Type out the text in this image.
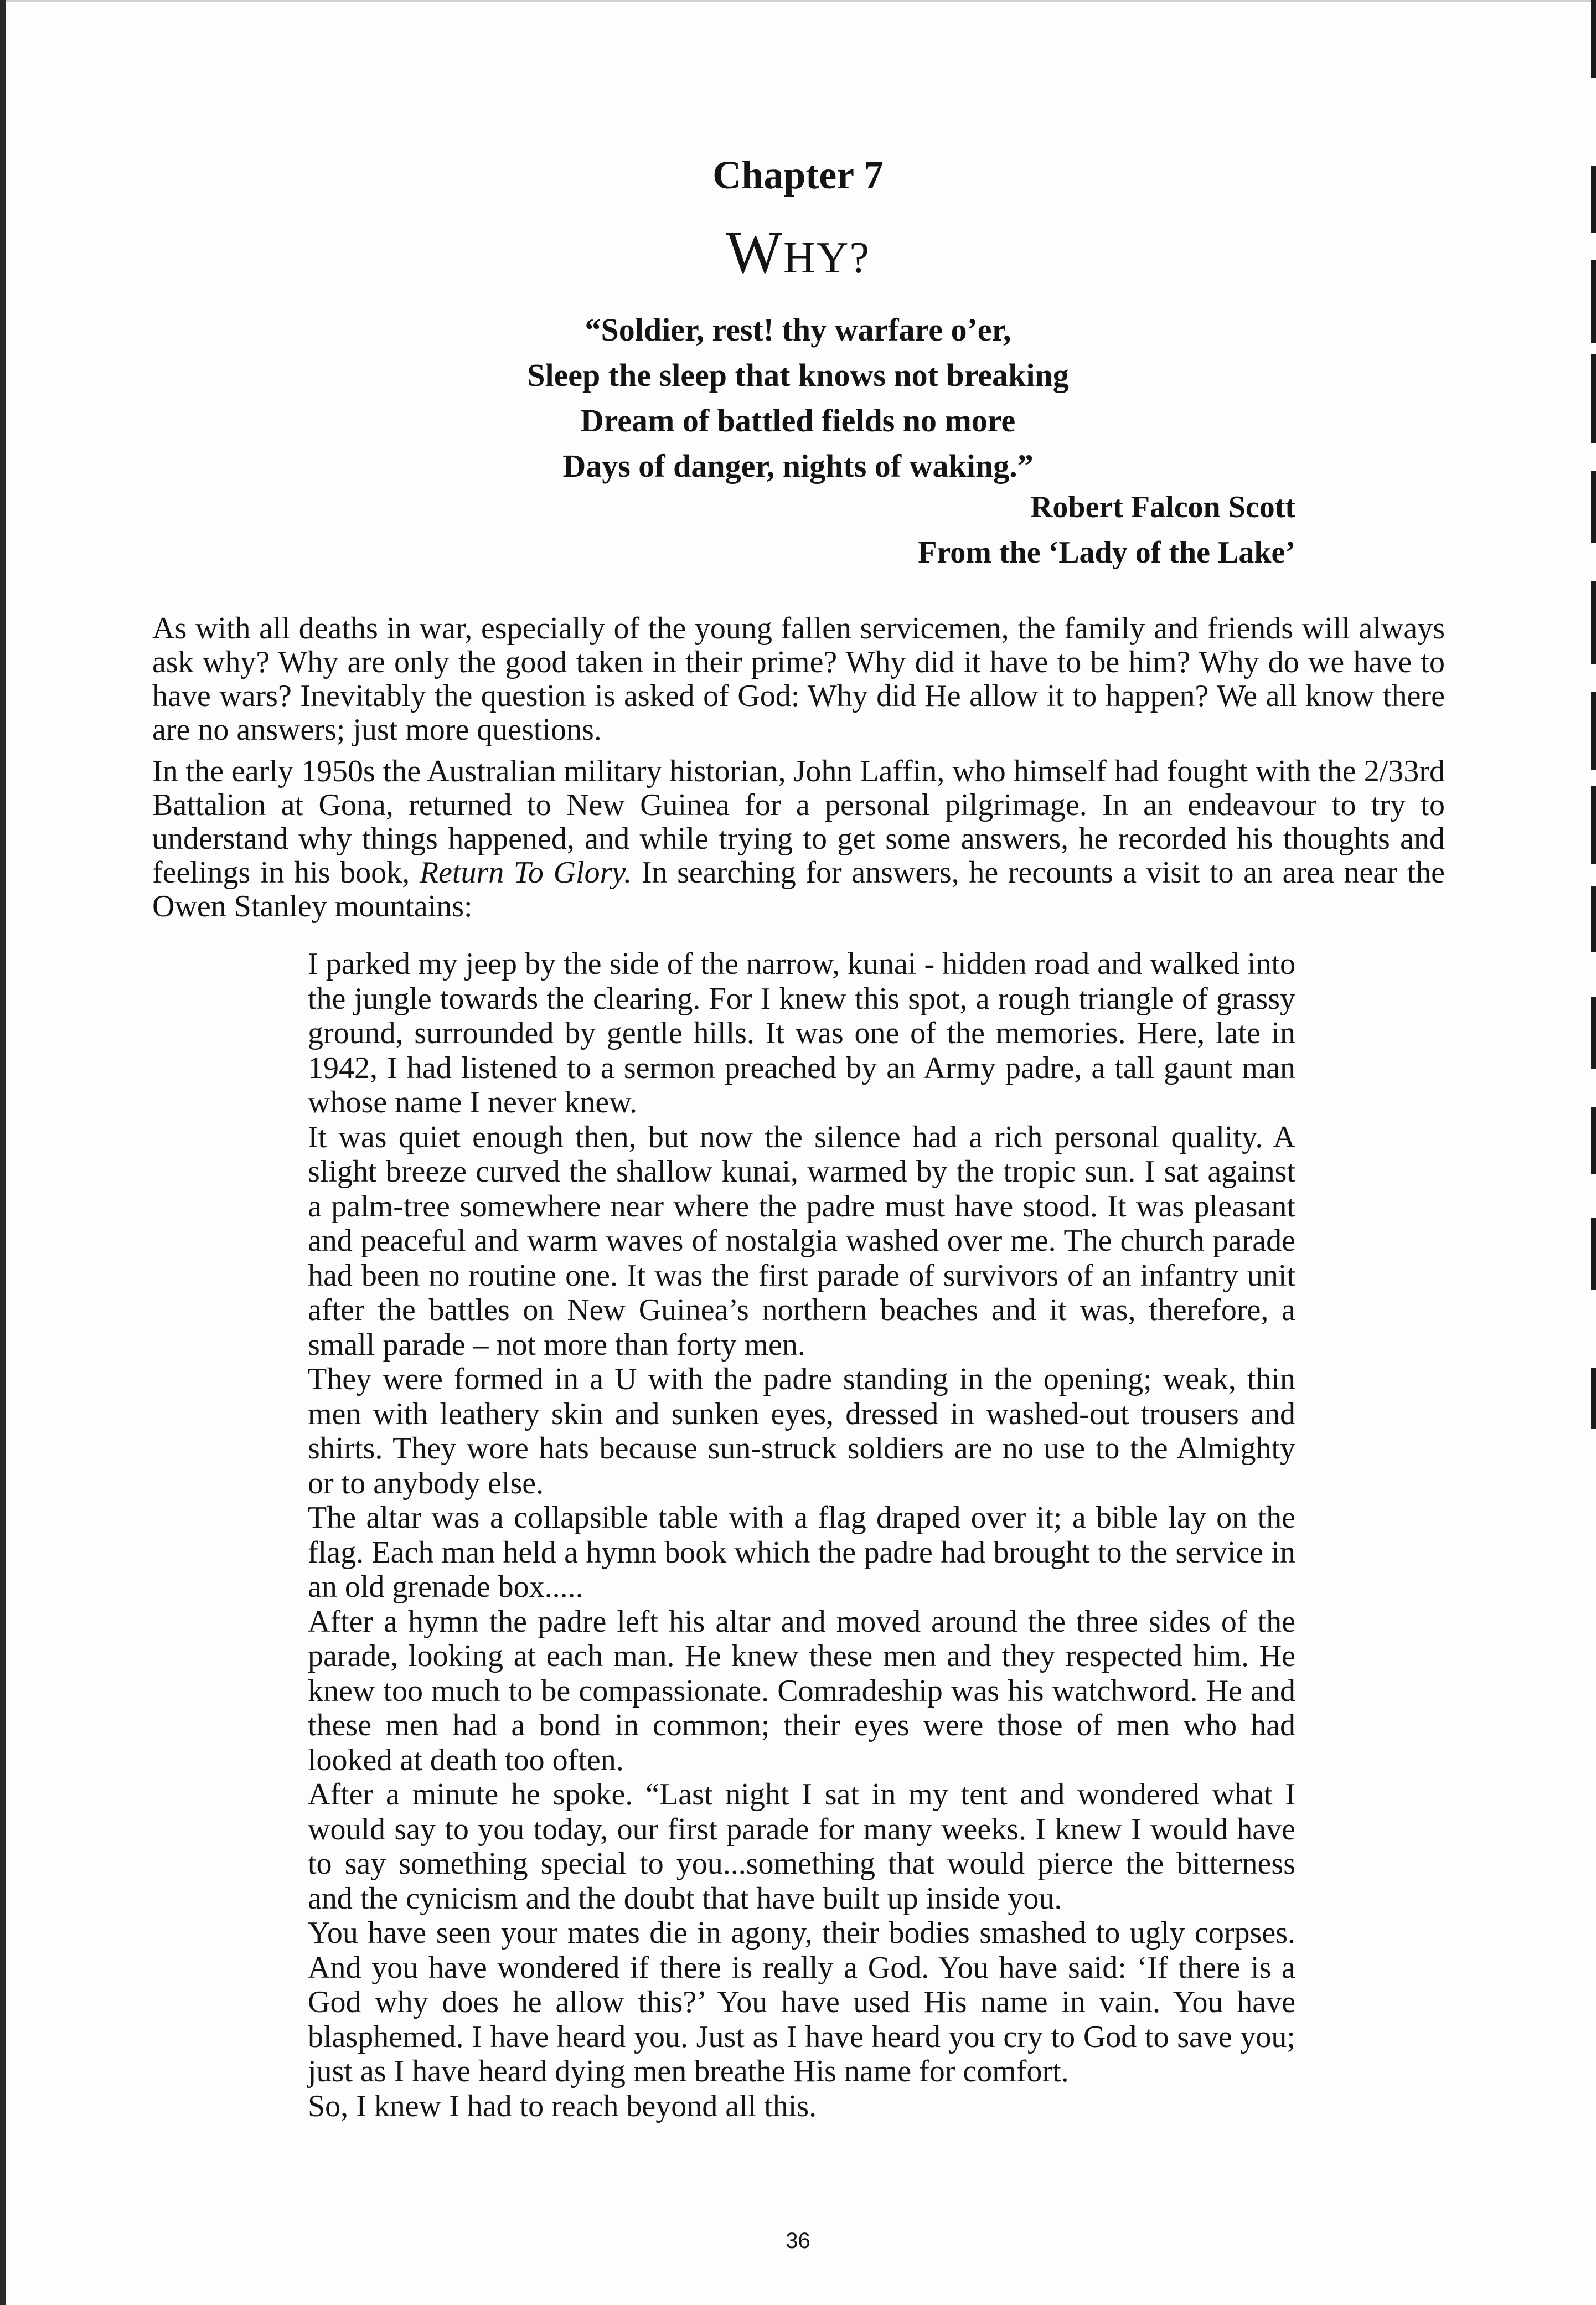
Chapter 7
WHY?
“Soldier, rest! thy warfare o’er,
Sleep the sleep that knows not breaking
Dream of battled fields no more
Days of danger, nights of waking.”
Robert Falcon Scott
From the ‘Lady of the Lake’

As with all deaths in war, especially of the young fallen servicemen, the family and friends will always ask why? Why are only the good taken in their prime? Why did it have to be him? Why do we have to have wars? Inevitably the question is asked of God: Why did He allow it to happen? We all know there are no answers; just more questions.

In the early 1950s the Australian military historian, John Laffin, who himself had fought with the 2/33rd Battalion at Gona, returned to New Guinea for a personal pilgrimage. In an endeavour to try to understand why things happened, and while trying to get some answers, he recorded his thoughts and feelings in his book, Return To Glory. In searching for answers, he recounts a visit to an area near the Owen Stanley mountains:

I parked my jeep by the side of the narrow, kunai - hidden road and walked into the jungle towards the clearing. For I knew this spot, a rough triangle of grassy ground, surrounded by gentle hills. It was one of the memories. Here, late in 1942, I had listened to a sermon preached by an Army padre, a tall gaunt man whose name I never knew.

It was quiet enough then, but now the silence had a rich personal quality. A slight breeze curved the shallow kunai, warmed by the tropic sun. I sat against a palm-tree somewhere near where the padre must have stood. It was pleasant and peaceful and warm waves of nostalgia washed over me. The church parade had been no routine one. It was the first parade of survivors of an infantry unit after the battles on New Guinea’s northern beaches and it was, therefore, a small parade – not more than forty men.

They were formed in a U with the padre standing in the opening; weak, thin men with leathery skin and sunken eyes, dressed in washed-out trousers and shirts. They wore hats because sun-struck soldiers are no use to the Almighty or to anybody else.

The altar was a collapsible table with a flag draped over it; a bible lay on the flag. Each man held a hymn book which the padre had brought to the service in an old grenade box.....

After a hymn the padre left his altar and moved around the three sides of the parade, looking at each man. He knew these men and they respected him. He knew too much to be compassionate. Comradeship was his watchword. He and these men had a bond in common; their eyes were those of men who had looked at death too often.

After a minute he spoke. “Last night I sat in my tent and wondered what I would say to you today, our first parade for many weeks. I knew I would have to say something special to you...something that would pierce the bitterness and the cynicism and the doubt that have built up inside you.

You have seen your mates die in agony, their bodies smashed to ugly corpses. And you have wondered if there is really a God. You have said: ‘If there is a God why does he allow this?’ You have used His name in vain. You have blasphemed. I have heard you. Just as I have heard you cry to God to save you; just as I have heard dying men breathe His name for comfort.

So, I knew I had to reach beyond all this.

36
